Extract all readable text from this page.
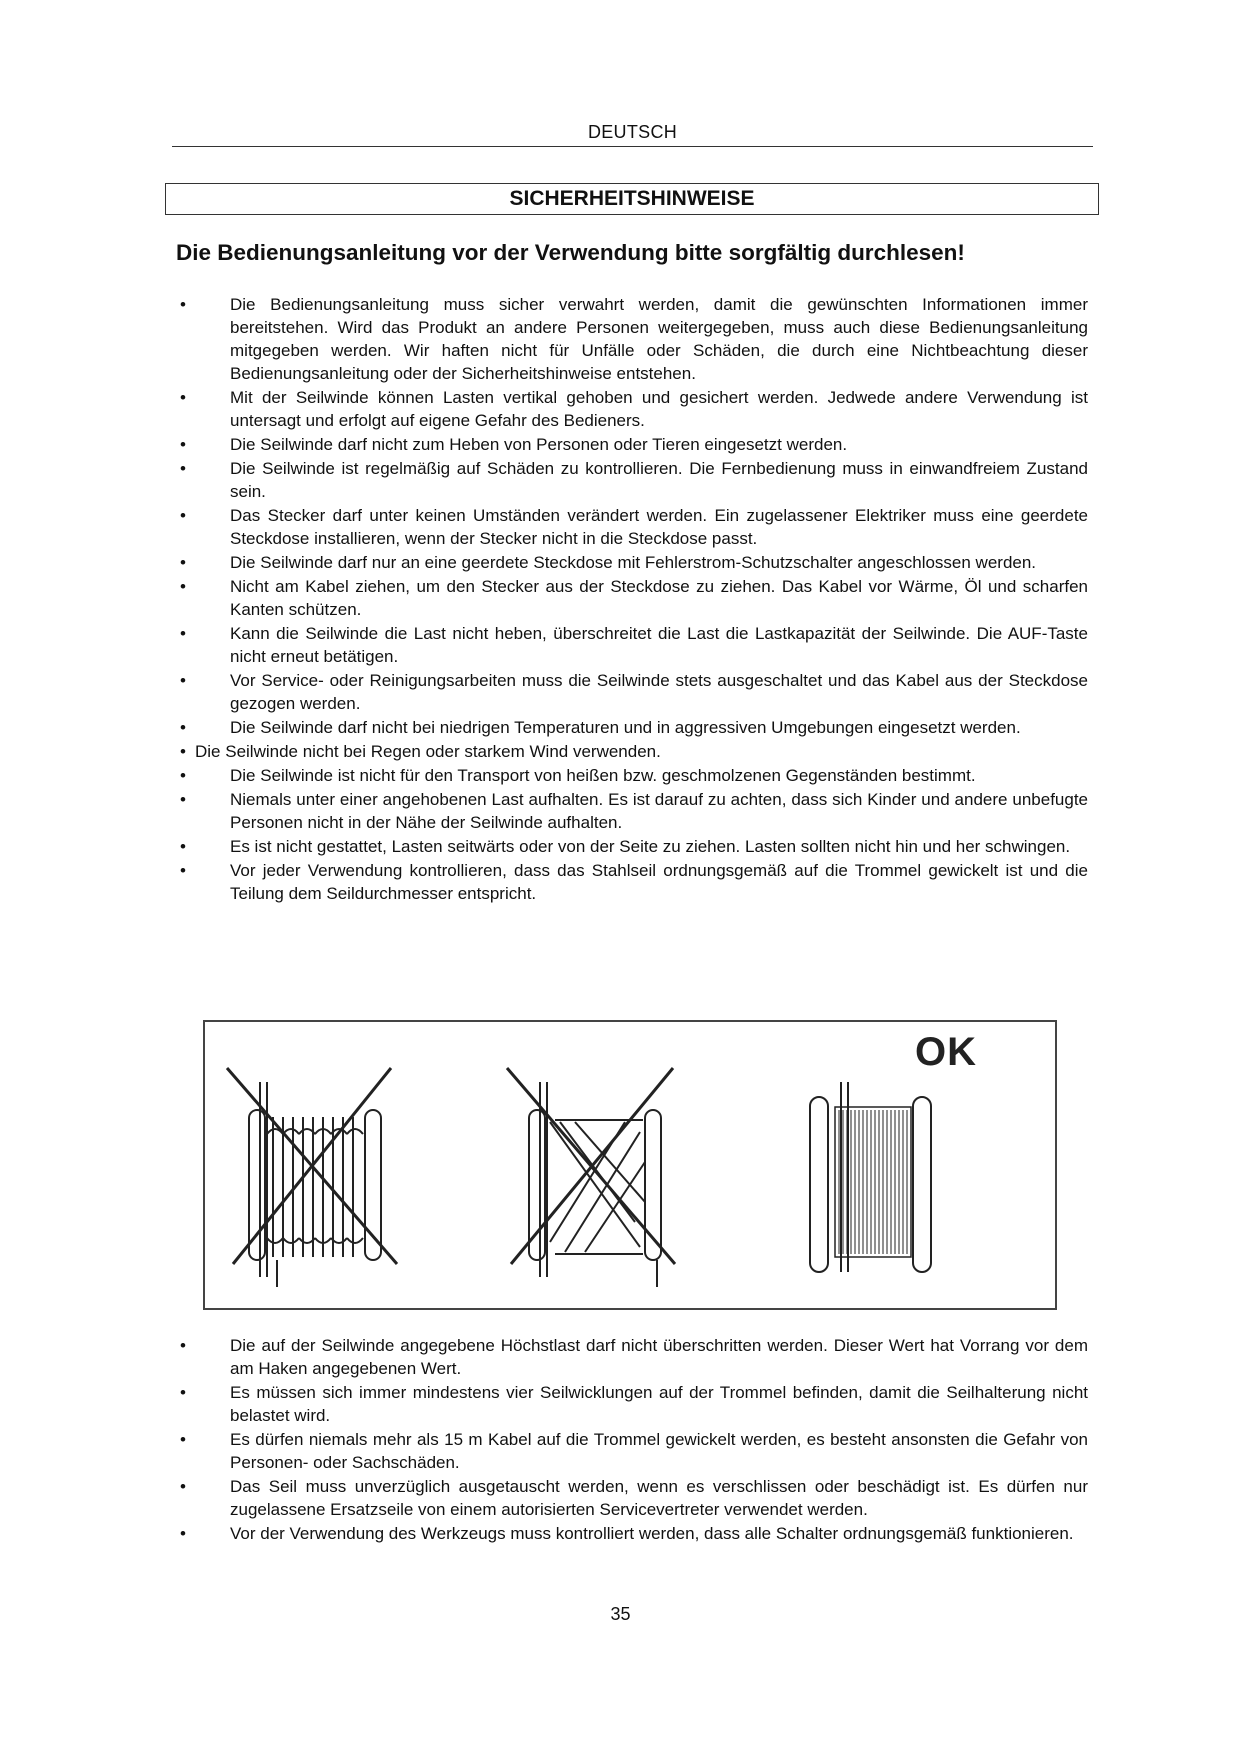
DEUTSCH
SICHERHEITSHINWEISE
Die Bedienungsanleitung vor der Verwendung bitte sorgfältig durchlesen!
•	Die Bedienungsanleitung muss sicher verwahrt werden, damit die gewünschten Informationen immer bereitstehen. Wird das Produkt an andere Personen weitergegeben, muss auch diese Bedienungsanleitung mitgegeben werden. Wir haften nicht für Unfälle oder Schäden, die durch eine Nichtbeachtung dieser Bedienungsanleitung oder der Sicherheitshinweise entstehen.
•	Mit der Seilwinde können Lasten vertikal gehoben und gesichert werden. Jedwede andere Verwendung ist untersagt und erfolgt auf eigene Gefahr des Bedieners.
•	Die Seilwinde darf nicht zum Heben von Personen oder Tieren eingesetzt werden.
•	Die Seilwinde ist regelmäßig auf Schäden zu kontrollieren. Die Fernbedienung muss in einwandfreiem Zustand sein.
•	Das Stecker darf unter keinen Umständen verändert werden. Ein zugelassener Elektriker muss eine geerdete Steckdose installieren, wenn der Stecker nicht in die Steckdose passt.
•	Die Seilwinde darf nur an eine geerdete Steckdose mit Fehlerstrom-Schutzschalter angeschlossen werden.
•	Nicht am Kabel ziehen, um den Stecker aus der Steckdose zu ziehen. Das Kabel vor Wärme, Öl und scharfen Kanten schützen.
•	Kann die Seilwinde die Last nicht heben, überschreitet die Last die Lastkapazität der Seilwinde. Die AUF-Taste nicht erneut betätigen.
•	Vor Service- oder Reinigungsarbeiten muss die Seilwinde stets ausgeschaltet und das Kabel aus der Steckdose gezogen werden.
•	Die Seilwinde darf nicht bei niedrigen Temperaturen und in aggressiven Umgebungen eingesetzt werden.
• Die Seilwinde nicht bei Regen oder starkem Wind verwenden.
•	Die Seilwinde ist nicht für den Transport von heißen bzw. geschmolzenen Gegenständen bestimmt.
•	Niemals unter einer angehobenen Last aufhalten. Es ist darauf zu achten, dass sich Kinder und andere unbefugte Personen nicht in der Nähe der Seilwinde aufhalten.
•	Es ist nicht gestattet, Lasten seitwärts oder von der Seite zu ziehen. Lasten sollten nicht hin und her schwingen.
•	Vor jeder Verwendung kontrollieren, dass das Stahlseil ordnungsgemäß auf die Trommel gewickelt ist und die Teilung dem Seildurchmesser entspricht.
OK
•	Die auf der Seilwinde angegebene Höchstlast darf nicht überschritten werden. Dieser Wert hat Vorrang vor dem am Haken angegebenen Wert.
•	Es müssen sich immer mindestens vier Seilwicklungen auf der Trommel befinden, damit die Seilhalterung nicht belastet wird.
•	Es dürfen niemals mehr als 15 m Kabel auf die Trommel gewickelt werden, es besteht ansonsten die Gefahr von Personen- oder Sachschäden.
•	Das Seil muss unverzüglich ausgetauscht werden, wenn es verschlissen oder beschädigt ist. Es dürfen nur zugelassene Ersatzseile von einem autorisierten Servicevertreter verwendet werden.
•	Vor der Verwendung des Werkzeugs muss kontrolliert werden, dass alle Schalter ordnungsgemäß funktionieren.
35
